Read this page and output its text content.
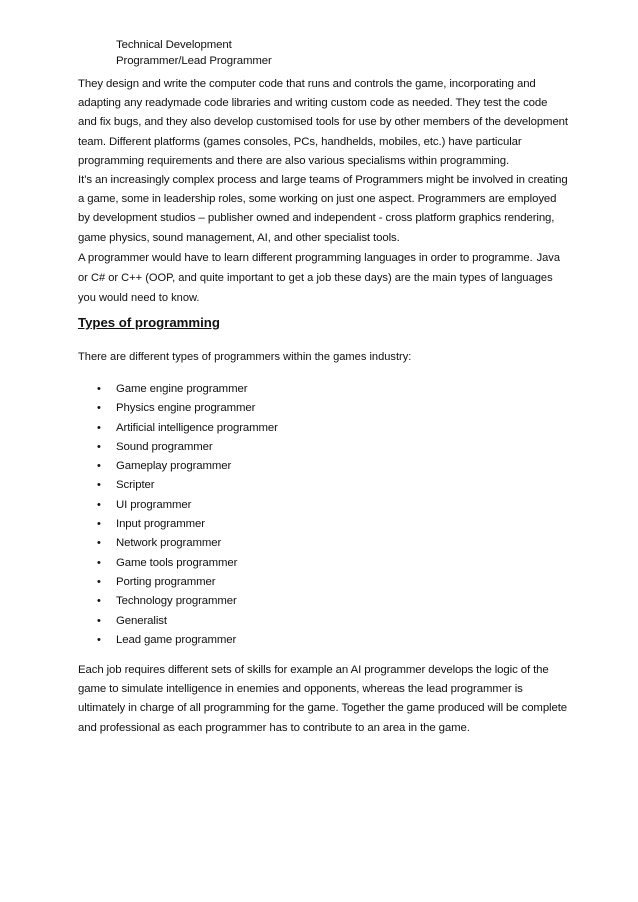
Technical Development
Programmer/Lead Programmer

They design and write the computer code that runs and controls the game, incorporating and adapting any readymade code libraries and writing custom code as needed. They test the code and fix bugs, and they also develop customised tools for use by other members of the development team. Different platforms (games consoles, PCs, handhelds, mobiles, etc.) have particular programming requirements and there are also various specialisms within programming.

It’s an increasingly complex process and large teams of Programmers might be involved in creating a game, some in leadership roles, some working on just one aspect. Programmers are employed by development studios – publisher owned and independent - cross platform graphics rendering, game physics, sound management, AI, and other specialist tools.

A programmer would have to learn different programming languages in order to programme. Java or C# or C++ (OOP, and quite important to get a job these days) are the main types of languages you would need to know.

Types of programming

There are different types of programmers within the games industry:

• Game engine programmer
• Physics engine programmer
• Artificial intelligence programmer
• Sound programmer
• Gameplay programmer
• Scripter
• UI programmer
• Input programmer
• Network programmer
• Game tools programmer
• Porting programmer
• Technology programmer
• Generalist
• Lead game programmer

Each job requires different sets of skills for example an AI programmer develops the logic of the game to simulate intelligence in enemies and opponents, whereas the lead programmer is ultimately in charge of all programming for the game. Together the game produced will be complete and professional as each programmer has to contribute to an area in the game.
